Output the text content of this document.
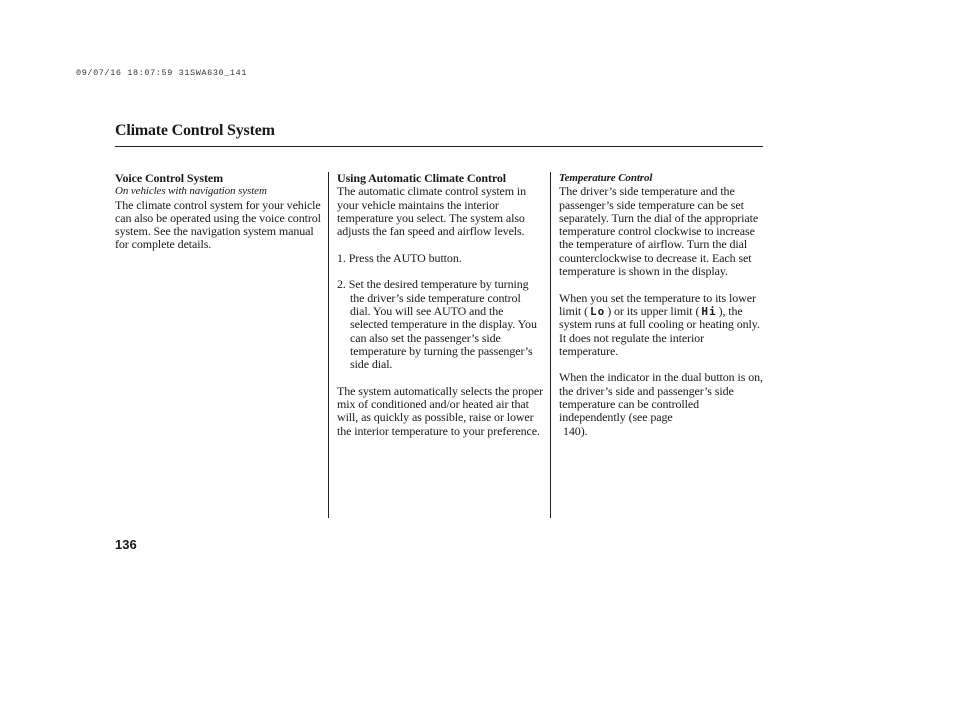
09/07/16 18:07:59 31SWA630_141
Climate Control System

Voice Control System

On vehicles with navigation system

The climate control system for your vehicle can also be operated using the voice control system. See the navigation system manual for complete details.

Using Automatic Climate Control

The automatic climate control system in your vehicle maintains the interior temperature you select. The system also adjusts the fan speed and airflow levels.

1. Press the AUTO button.

2. Set the desired temperature by turning the driver’s side temperature control dial. You will see AUTO and the selected temperature in the display. You can also set the passenger’s side temperature by turning the passenger’s side dial.

The system automatically selects the proper mix of conditioned and/or heated air that will, as quickly as possible, raise or lower the interior temperature to your preference.

Temperature Control

The driver’s side temperature and the passenger’s side temperature can be set separately. Turn the dial of the appropriate temperature control clockwise to increase the temperature of airflow. Turn the dial counterclockwise to decrease it. Each set temperature is shown in the display.

When you set the temperature to its lower limit ( Lo ) or its upper limit ( Hi ), the system runs at full cooling or heating only. It does not regulate the interior temperature.

When the indicator in the dual button is on, the driver’s side and passenger’s side temperature can be controlled independently (see page
140).

136
